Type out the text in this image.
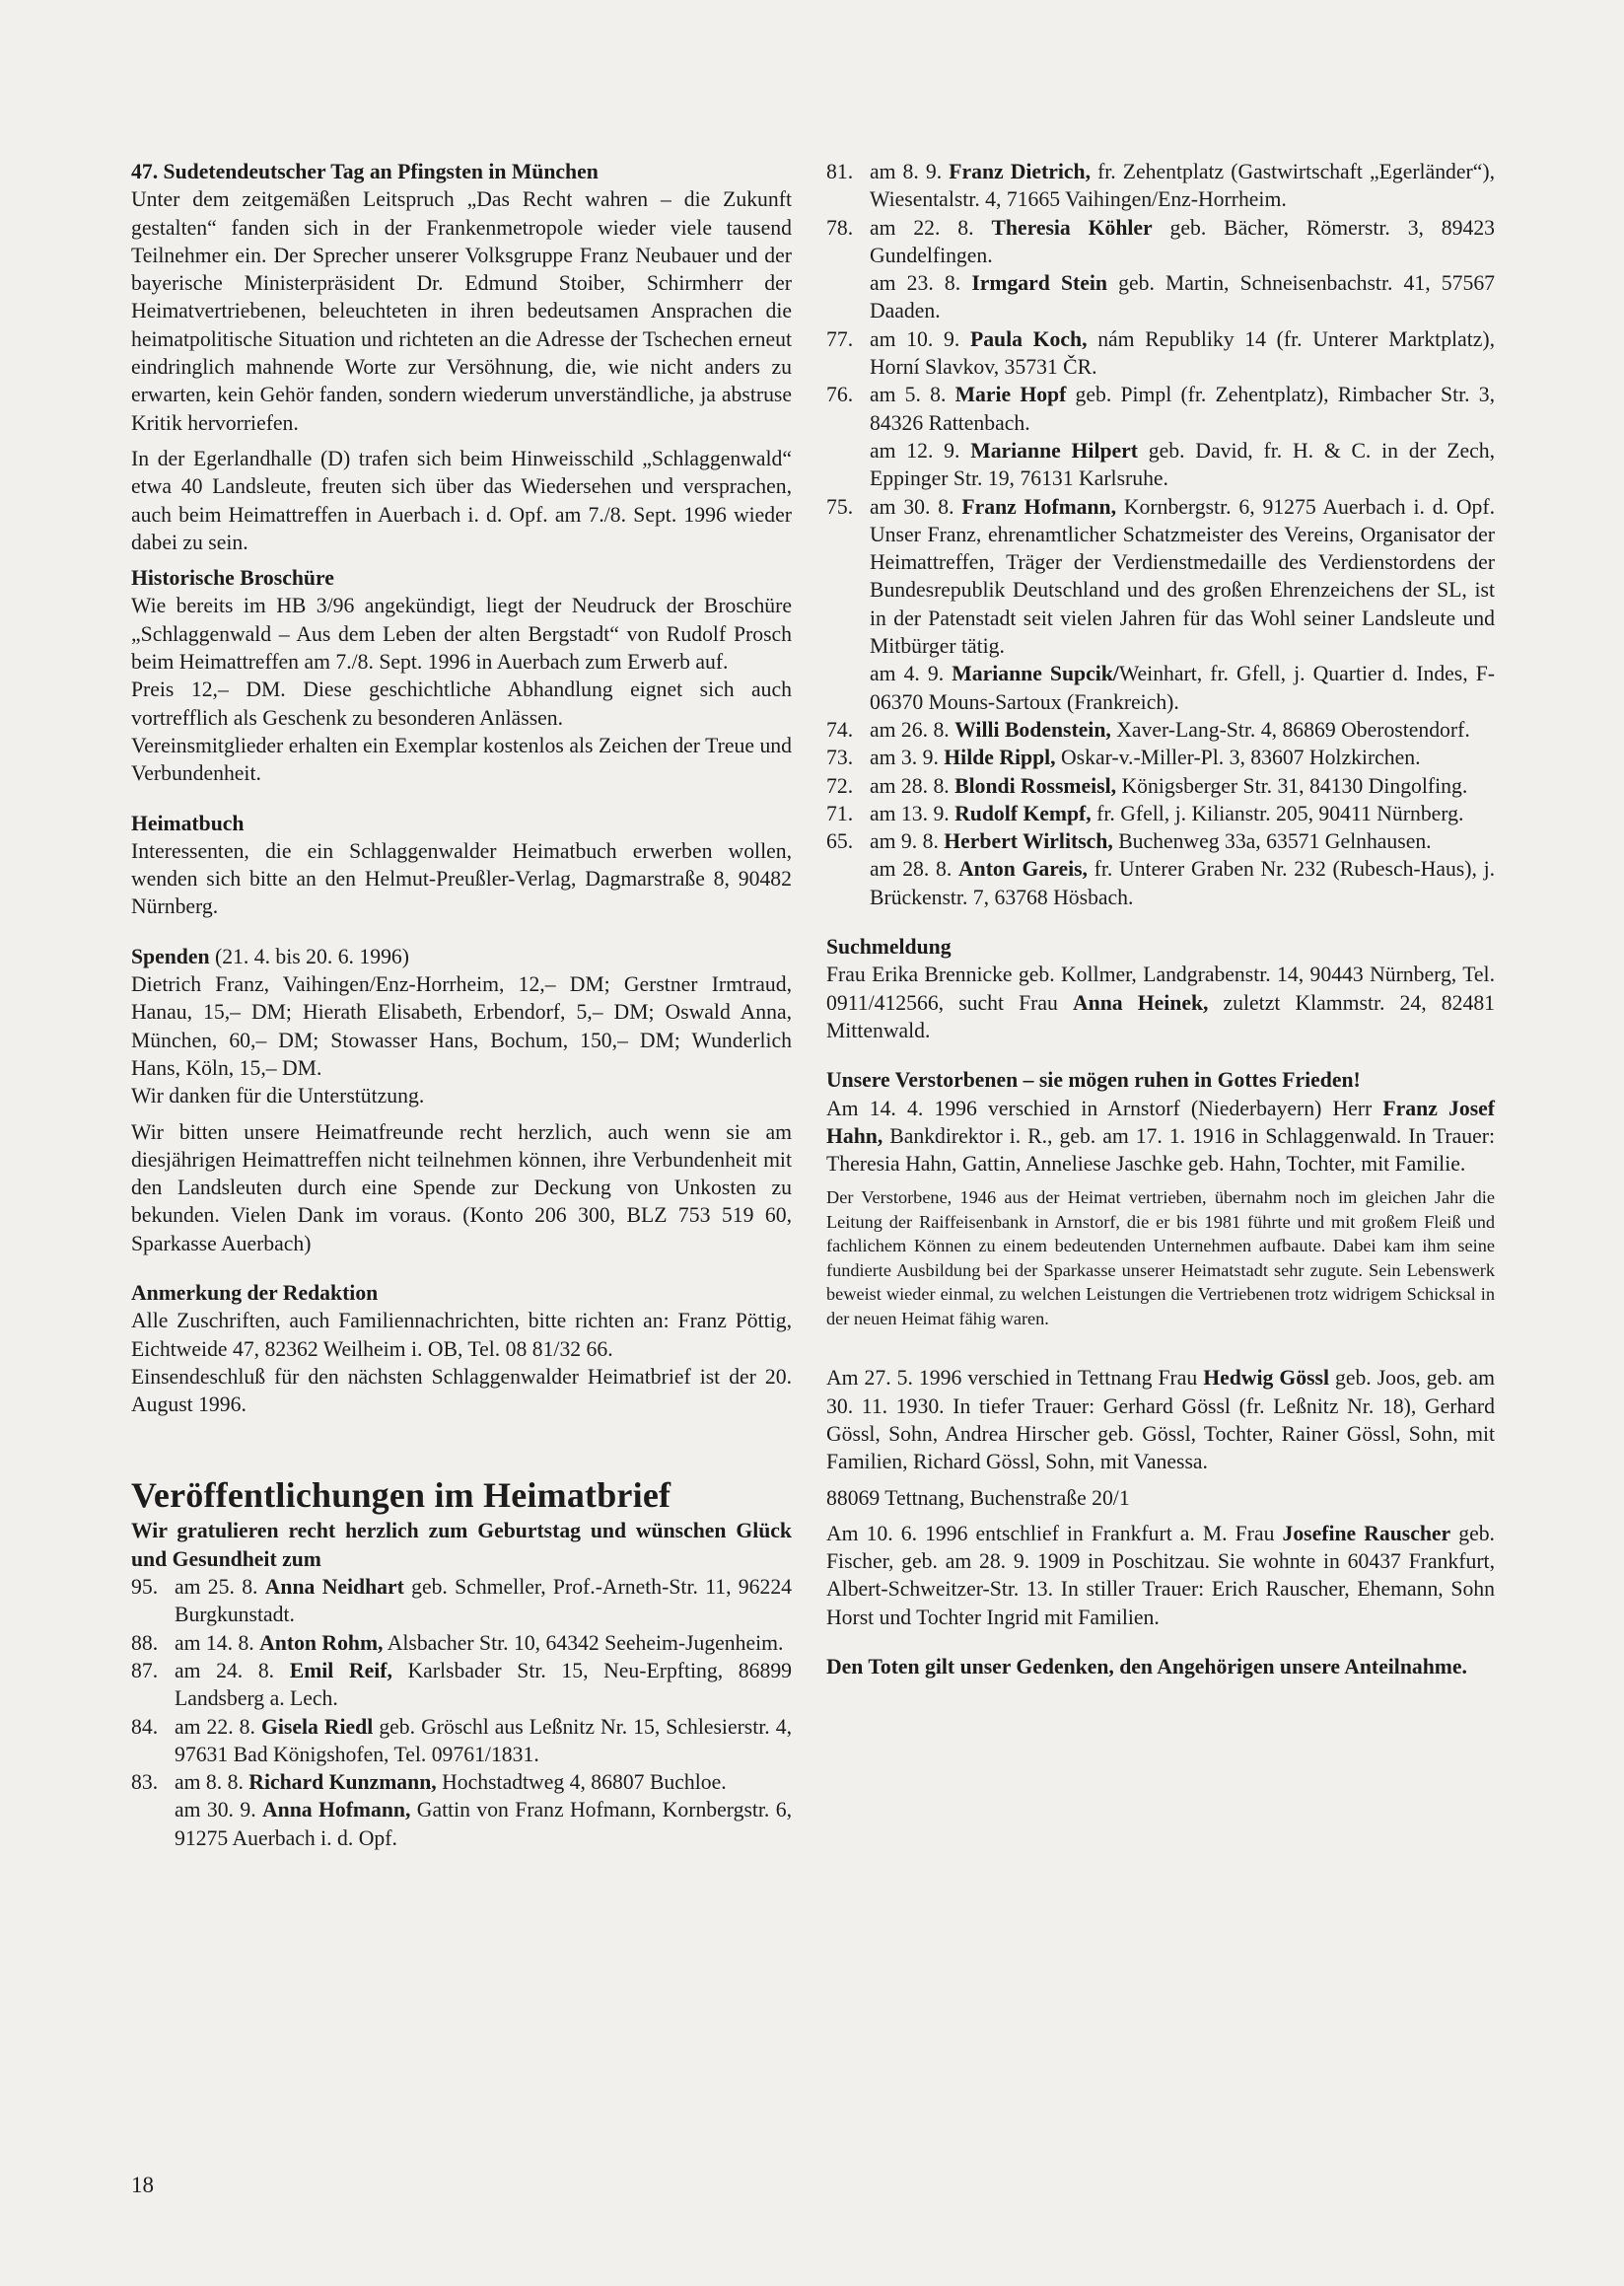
47. Sudetendeutscher Tag an Pfingsten in München

Unter dem zeitgemäßen Leitspruch „Das Recht wahren – die Zukunft gestalten“ fanden sich in der Frankenmetropole wieder viele tausend Teilnehmer ein. Der Sprecher unserer Volksgruppe Franz Neubauer und der bayerische Ministerpräsident Dr. Edmund Stoiber, Schirmherr der Heimatvertriebenen, beleuchteten in ihren bedeutsamen Ansprachen die heimatpolitische Situation und richteten an die Adresse der Tschechen erneut eindringlich mahnende Worte zur Versöhnung, die, wie nicht anders zu erwarten, kein Gehör fanden, sondern wiederum unverständliche, ja abstruse Kritik hervorriefen.

In der Egerlandhalle (D) trafen sich beim Hinweisschild „Schlaggenwald“ etwa 40 Landsleute, freuten sich über das Wiedersehen und versprachen, auch beim Heimattreffen in Auerbach i. d. Opf. am 7./8. Sept. 1996 wieder dabei zu sein.

Historische Broschüre

Wie bereits im HB 3/96 angekündigt, liegt der Neudruck der Broschüre „Schlaggenwald – Aus dem Leben der alten Bergstadt“ von Rudolf Prosch beim Heimattreffen am 7./8. Sept. 1996 in Auerbach zum Erwerb auf.

Preis 12,– DM. Diese geschichtliche Abhandlung eignet sich auch vortrefflich als Geschenk zu besonderen Anlässen.

Vereinsmitglieder erhalten ein Exemplar kostenlos als Zeichen der Treue und Verbundenheit.

Heimatbuch

Interessenten, die ein Schlaggenwalder Heimatbuch erwerben wollen, wenden sich bitte an den Helmut-Preußler-Verlag, Dagmarstraße 8, 90482 Nürnberg.

Spenden (21. 4. bis 20. 6. 1996)

Dietrich Franz, Vaihingen/Enz-Horrheim, 12,– DM; Gerstner Irmtraud, Hanau, 15,– DM; Hierath Elisabeth, Erbendorf, 5,– DM; Oswald Anna, München, 60,– DM; Stowasser Hans, Bochum, 150,– DM; Wunderlich Hans, Köln, 15,– DM.

Wir danken für die Unterstützung.

Wir bitten unsere Heimatfreunde recht herzlich, auch wenn sie am diesjährigen Heimattreffen nicht teilnehmen können, ihre Verbundenheit mit den Landsleuten durch eine Spende zur Deckung von Unkosten zu bekunden. Vielen Dank im voraus. (Konto 206 300, BLZ 753 519 60, Sparkasse Auerbach)

Anmerkung der Redaktion

Alle Zuschriften, auch Familiennachrichten, bitte richten an: Franz Pöttig, Eichtweide 47, 82362 Weilheim i. OB, Tel. 08 81/32 66.

Einsendeschluß für den nächsten Schlaggenwalder Heimatbrief ist der 20. August 1996.

Veröffentlichungen im Heimatbrief

Wir gratulieren recht herzlich zum Geburtstag und wünschen Glück und Gesundheit zum

95. am 25. 8. Anna Neidhart geb. Schmeller, Prof.-Arneth-Str. 11, 96224 Burgkunstadt.

88. am 14. 8. Anton Rohm, Alsbacher Str. 10, 64342 Seeheim-Jugenheim.

87. am 24. 8. Emil Reif, Karlsbader Str. 15, Neu-Erpfting, 86899 Landsberg a. Lech.

84. am 22. 8. Gisela Riedl geb. Gröschl aus Leßnitz Nr. 15, Schlesierstr. 4, 97631 Bad Königshofen, Tel. 09761/1831.

83. am 8. 8. Richard Kunzmann, Hochstadtweg 4, 86807 Buchloe.

am 30. 9. Anna Hofmann, Gattin von Franz Hofmann, Kornbergstr. 6, 91275 Auerbach i. d. Opf.

81. am 8. 9. Franz Dietrich, fr. Zehentplatz (Gastwirtschaft „Egerländer“), Wiesentalstr. 4, 71665 Vaihingen/Enz-Horrheim.

78. am 22. 8. Theresia Köhler geb. Bächer, Römerstr. 3, 89423 Gundelfingen.

am 23. 8. Irmgard Stein geb. Martin, Schneisenbachstr. 41, 57567 Daaden.

77. am 10. 9. Paula Koch, nám Republiky 14 (fr. Unterer Marktplatz), Horní Slavkov, 35731 ČR.

76. am 5. 8. Marie Hopf geb. Pimpl (fr. Zehentplatz), Rimbacher Str. 3, 84326 Rattenbach.

am 12. 9. Marianne Hilpert geb. David, fr. H. & C. in der Zech, Eppinger Str. 19, 76131 Karlsruhe.

75. am 30. 8. Franz Hofmann, Kornbergstr. 6, 91275 Auerbach i. d. Opf. Unser Franz, ehrenamtlicher Schatzmeister des Vereins, Organisator der Heimattreffen, Träger der Verdienstmedaille des Verdienstordens der Bundesrepublik Deutschland und des großen Ehrenzeichens der SL, ist in der Patenstadt seit vielen Jahren für das Wohl seiner Landsleute und Mitbürger tätig.

am 4. 9. Marianne Supcik/Weinhart, fr. Gfell, j. Quartier d. Indes, F-06370 Mouns-Sartoux (Frankreich).

74. am 26. 8. Willi Bodenstein, Xaver-Lang-Str. 4, 86869 Oberostendorf.

73. am 3. 9. Hilde Rippl, Oskar-v.-Miller-Pl. 3, 83607 Holzkirchen.

72. am 28. 8. Blondi Rossmeisl, Königsberger Str. 31, 84130 Dingolfing.

71. am 13. 9. Rudolf Kempf, fr. Gfell, j. Kilianstr. 205, 90411 Nürnberg.

65. am 9. 8. Herbert Wirlitsch, Buchenweg 33a, 63571 Gelnhausen.

am 28. 8. Anton Gareis, fr. Unterer Graben Nr. 232 (Rubesch-Haus), j. Brückenstr. 7, 63768 Hösbach.

Suchmeldung

Frau Erika Brennicke geb. Kollmer, Landgrabenstr. 14, 90443 Nürnberg, Tel. 0911/412566, sucht Frau Anna Heinek, zuletzt Klammstr. 24, 82481 Mittenwald.

Unsere Verstorbenen – sie mögen ruhen in Gottes Frieden!

Am 14. 4. 1996 verschied in Arnstorf (Niederbayern) Herr Franz Josef Hahn, Bankdirektor i. R., geb. am 17. 1. 1916 in Schlaggenwald. In Trauer: Theresia Hahn, Gattin, Anneliese Jaschke geb. Hahn, Tochter, mit Familie.

Der Verstorbene, 1946 aus der Heimat vertrieben, übernahm noch im gleichen Jahr die Leitung der Raiffeisenbank in Arnstorf, die er bis 1981 führte und mit großem Fleiß und fachlichem Können zu einem bedeutenden Unternehmen aufbaute. Dabei kam ihm seine fundierte Ausbildung bei der Sparkasse unserer Heimatstadt sehr zugute. Sein Lebenswerk beweist wieder einmal, zu welchen Leistungen die Vertriebenen trotz widrigem Schicksal in der neuen Heimat fähig waren.

Am 27. 5. 1996 verschied in Tettnang Frau Hedwig Gössl geb. Joos, geb. am 30. 11. 1930. In tiefer Trauer: Gerhard Gössl (fr. Leßnitz Nr. 18), Gerhard Gössl, Sohn, Andrea Hirscher geb. Gössl, Tochter, Rainer Gössl, Sohn, mit Familien, Richard Gössl, Sohn, mit Vanessa.

88069 Tettnang, Buchenstraße 20/1

Am 10. 6. 1996 entschlief in Frankfurt a. M. Frau Josefine Rauscher geb. Fischer, geb. am 28. 9. 1909 in Poschitzau. Sie wohnte in 60437 Frankfurt, Albert-Schweitzer-Str. 13. In stiller Trauer: Erich Rauscher, Ehemann, Sohn Horst und Tochter Ingrid mit Familien.

Den Toten gilt unser Gedenken, den Angehörigen unsere Anteilnahme.

18
